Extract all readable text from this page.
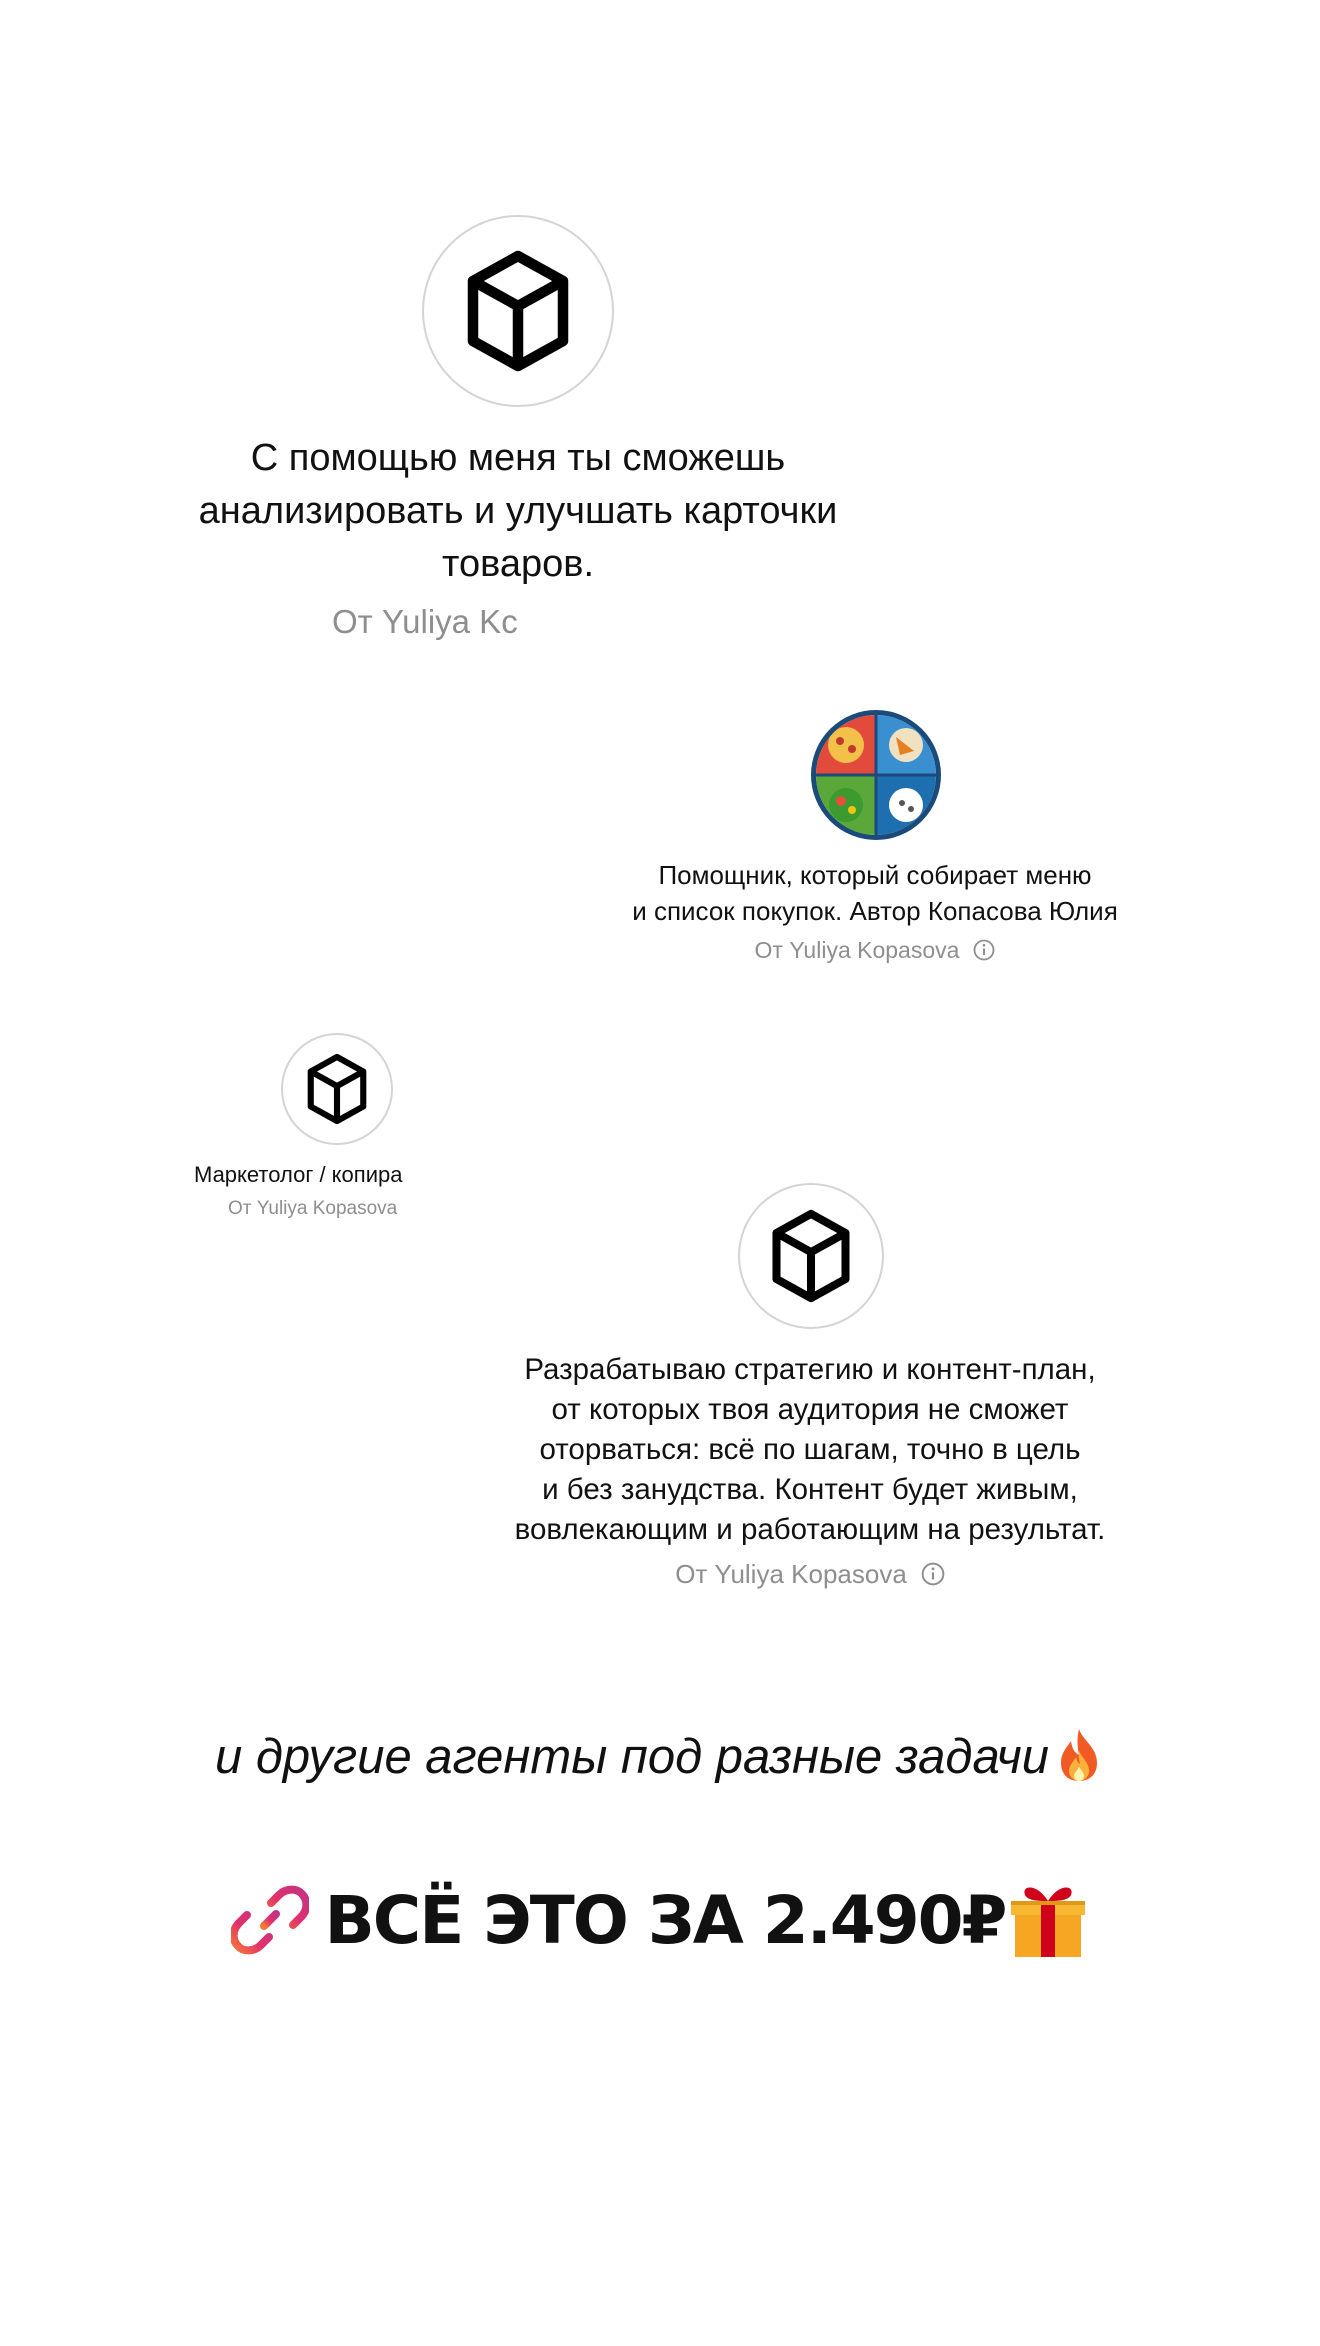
С помощью меня ты сможешь
анализировать и улучшать карточки
товаров.
От Yuliya Kc
Помощник, который собирает меню
и список покупок. Автор Копасова Юлия
От Yuliya Kopasova
Маркетолог / копира
От Yuliya Kopasova
Разрабатываю стратегию и контент-план,
от которых твоя аудитория не сможет
оторваться: всё по шагам, точно в цель
и без занудства. Контент будет живым,
вовлекающим и работающим на результат.
От Yuliya Kopasova
и другие агенты под разные задачи
ВСЁ ЭТО ЗА 2.490₽
